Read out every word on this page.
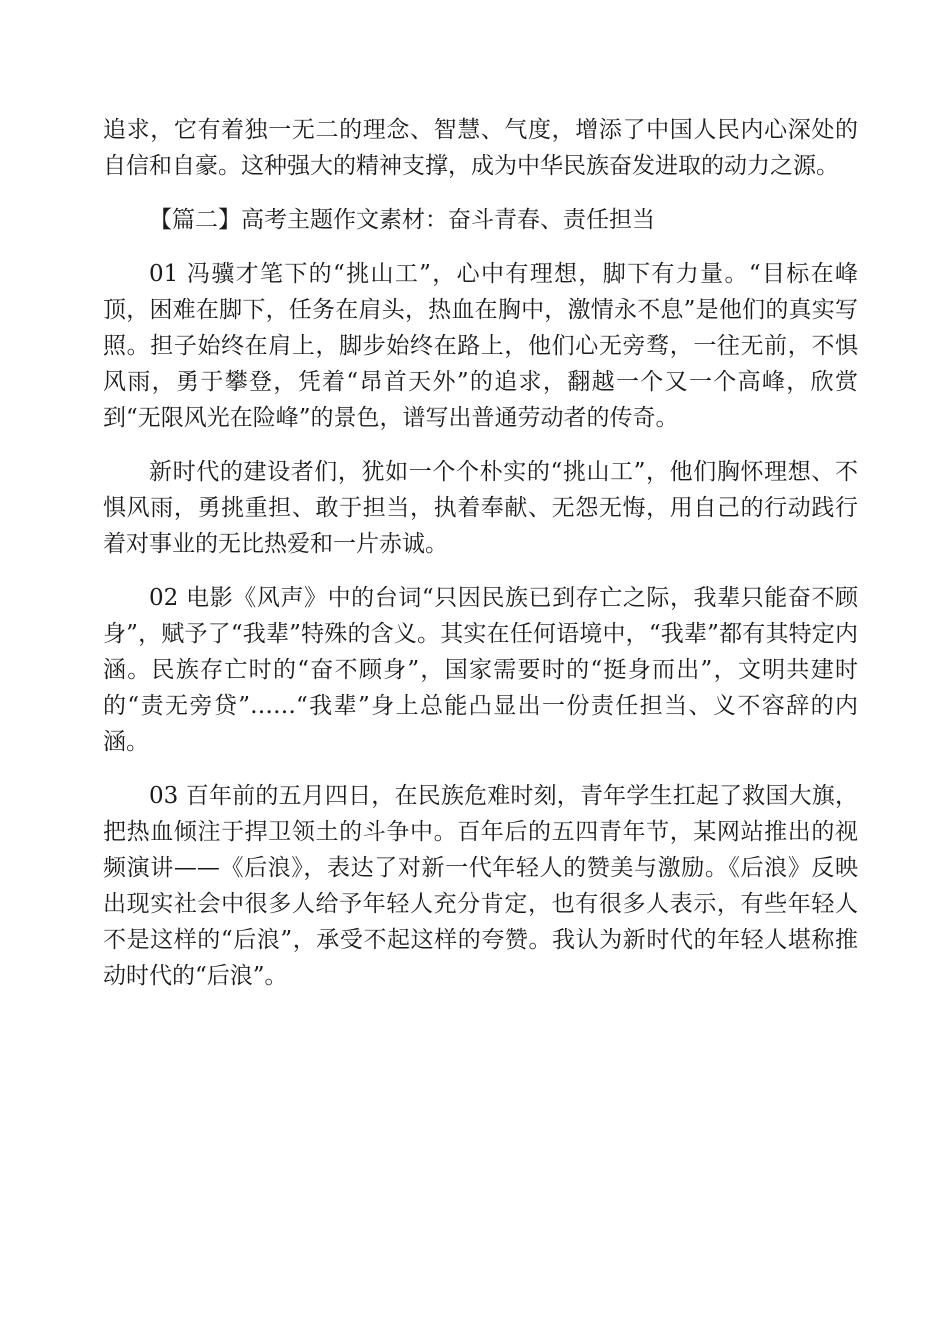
追求，它有着独一无二的理念、智慧、气度，增添了中国人民内心深处的自信和自豪。这种强大的精神支撑，成为中华民族奋发进取的动力之源。

【篇二】高考主题作文素材：奋斗青春、责任担当

01 冯骥才笔下的“挑山工”，心中有理想，脚下有力量。“目标在峰顶，困难在脚下，任务在肩头，热血在胸中，激情永不息”是他们的真实写照。担子始终在肩上，脚步始终在路上，他们心无旁骛，一往无前，不惧风雨，勇于攀登，凭着“昂首天外”的追求，翻越一个又一个高峰，欣赏到“无限风光在险峰”的景色，谱写出普通劳动者的传奇。

新时代的建设者们，犹如一个个朴实的“挑山工”，他们胸怀理想、不惧风雨，勇挑重担、敢于担当，执着奉献、无怨无悔，用自己的行动践行着对事业的无比热爱和一片赤诚。

02 电影《风声》中的台词“只因民族已到存亡之际，我辈只能奋不顾身”，赋予了“我辈”特殊的含义。其实在任何语境中，“我辈”都有其特定内涵。民族存亡时的“奋不顾身”，国家需要时的“挺身而出”，文明共建时的“责无旁贷”……“我辈”身上总能凸显出一份责任担当、义不容辞的内涵。

03 百年前的五月四日，在民族危难时刻，青年学生扛起了救国大旗，把热血倾注于捍卫领土的斗争中。百年后的五四青年节，某网站推出的视频演讲——《后浪》，表达了对新一代年轻人的赞美与激励。《后浪》反映出现实社会中很多人给予年轻人充分肯定，也有很多人表示，有些年轻人不是这样的“后浪”，承受不起这样的夸赞。我认为新时代的年轻人堪称推动时代的“后浪”。
